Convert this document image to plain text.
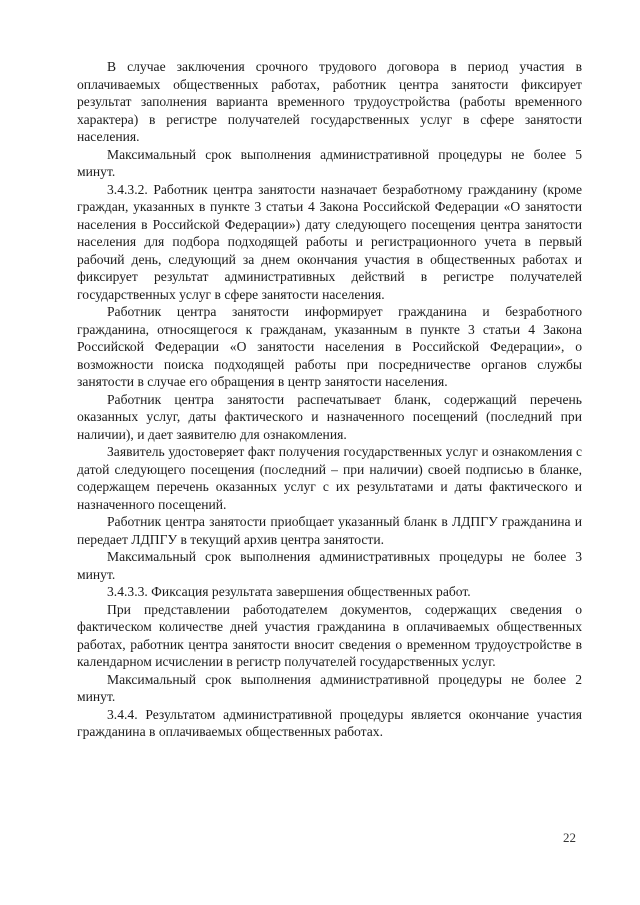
В случае заключения срочного трудового договора в период участия в оплачиваемых общественных работах, работник центра занятости фиксирует результат заполнения варианта временного трудоустройства (работы временного характера) в регистре получателей государственных услуг в сфере занятости населения.

Максимальный срок выполнения административной процедуры не более 5 минут.

3.4.3.2. Работник центра занятости назначает безработному гражданину (кроме граждан, указанных в пункте 3 статьи 4 Закона Российской Федерации «О занятости населения в Российской Федерации») дату следующего посещения центра занятости населения для подбора подходящей работы и регистрационного учета в первый рабочий день, следующий за днем окончания участия в общественных работах и фиксирует результат административных действий в регистре получателей государственных услуг в сфере занятости населения.

Работник центра занятости информирует гражданина и безработного гражданина, относящегося к гражданам, указанным в пункте 3 статьи 4 Закона Российской Федерации «О занятости населения в Российской Федерации», о возможности поиска подходящей работы при посредничестве органов службы занятости в случае его обращения в центр занятости населения.

Работник центра занятости распечатывает бланк, содержащий перечень оказанных услуг, даты фактического и назначенного посещений (последний при наличии), и дает заявителю для ознакомления.

Заявитель удостоверяет факт получения государственных услуг и ознакомления с датой следующего посещения (последний – при наличии) своей подписью в бланке, содержащем перечень оказанных услуг с их результатами и даты фактического и назначенного посещений.

Работник центра занятости приобщает указанный бланк в ЛДПГУ гражданина и передает ЛДПГУ в текущий архив центра занятости.

Максимальный срок выполнения административных процедуры не более 3 минут.

3.4.3.3. Фиксация результата завершения общественных работ.

При представлении работодателем документов, содержащих сведения о фактическом количестве дней участия гражданина в оплачиваемых общественных работах, работник центра занятости вносит сведения о временном трудоустройстве в календарном исчислении в регистр получателей государственных услуг.

Максимальный срок выполнения административной процедуры не более 2 минут.

3.4.4. Результатом административной процедуры является окончание участия гражданина в оплачиваемых общественных работах.

22
